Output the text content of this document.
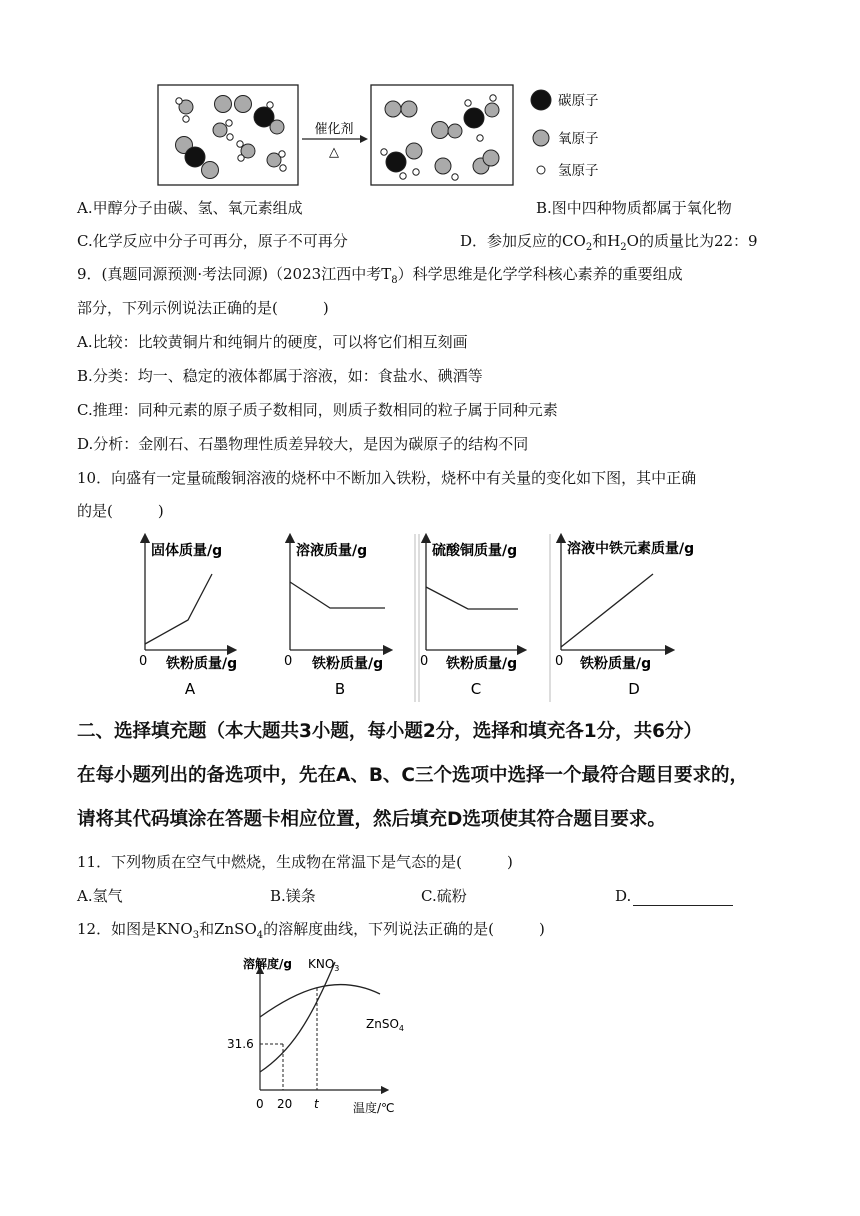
催化剂
△
碳原子
氧原子
氢原子
A.甲醇分子由碳、氢、氧元素组成	B.图中四种物质都属于氧化物
C.化学反应中分子可再分，原子不可再分	D．参加反应的$CO_2$和$H_2O$的质量比为22：9
9．(真题同源预测·考法同源)（2023江西中考$T_8$）科学思维是化学学科核心素养的重要组成
部分，下列示例说法正确的是(　　　)
A.比较：比较黄铜片和纯铜片的硬度，可以将它们相互刻画
B.分类：均一、稳定的液体都属于溶液，如：食盐水、碘酒等
C.推理：同种元素的原子质子数相同，则质子数相同的粒子属于同种元素
D.分析：金刚石、石墨物理性质差异较大，是因为碳原子的结构不同
10．向盛有一定量硫酸铜溶液的烧杯中不断加入铁粉，烧杯中有关量的变化如下图，其中正确
的是(　　　)
固体质量/g
0 铁粉质量/g
A
溶液质量/g
0 铁粉质量/g
B
硫酸铜质量/g
0 铁粉质量/g
C
溶液中铁元素质量/g
0 铁粉质量/g
D
二、选择填充题（本大题共3小题，每小题2分，选择和填充各1分，共6分）
在每小题列出的备选项中，先在A、B、C三个选项中选择一个最符合题目要求的，
请将其代码填涂在答题卡相应位置，然后填充D选项使其符合题目要求。
11．下列物质在空气中燃烧，生成物在常温下是气态的是(　　　)
A.氢气	B.镁条	C.硫粉	D.
12．如图是$KNO_3$和ZnSO$_4$的溶解度曲线，下列说法正确的是(　　　)
溶解度/g $KNO_3$
ZnSO$_4$
31.6
0 20 t	温度/℃
